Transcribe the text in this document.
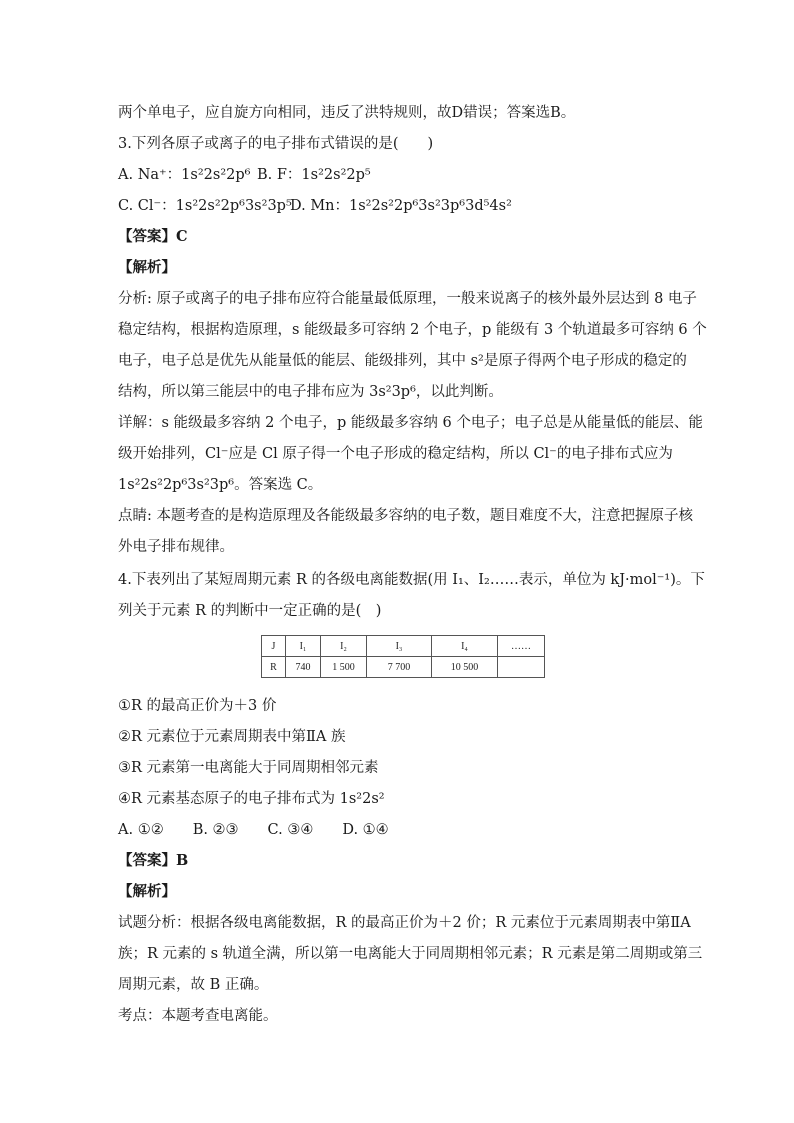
两个单电子，应自旋方向相同，违反了洪特规则，故D错误；答案选B。
3.下列各原子或离子的电子排布式错误的是(　　)
A. Na⁺：1s²2s²2p⁶ B. F：1s²2s²2p⁵
C. Cl⁻：1s²2s²2p⁶3s²3p⁵
D. Mn：1s²2s²2p⁶3s²3p⁶3d⁵4s²
【答案】C
【解析】
分析: 原子或离子的电子排布应符合能量最低原理，一般来说离子的核外最外层达到 8 电子
稳定结构，根据构造原理，s 能级最多可容纳 2 个电子，p 能级有 3 个轨道最多可容纳 6 个
电子，电子总是优先从能量低的能层、能级排列，其中 s²是原子得两个电子形成的稳定的
结构，所以第三能层中的电子排布应为 3s²3p⁶，以此判断。
详解：s 能级最多容纳 2 个电子，p 能级最多容纳 6 个电子；电子总是从能量低的能层、能
级开始排列，Cl⁻应是 Cl 原子得一个电子形成的稳定结构，所以 Cl⁻的电子排布式应为
1s²2s²2p⁶3s²3p⁶。答案选 C。
点睛: 本题考查的是构造原理及各能级最多容纳的电子数，题目难度不大，注意把握原子核
外电子排布规律。
4.下表列出了某短周期元素 R 的各级电离能数据(用 I₁、I₂……表示，单位为 kJ·mol⁻¹)。下
列关于元素 R 的判断中一定正确的是(　)
J	I₁	I₂	I₃	I₄	……
R	740	1 500	7 700	10 500	
①R 的最高正价为＋3 价
②R 元素位于元素周期表中第ⅡA 族
③R 元素第一电离能大于同周期相邻元素
④R 元素基态原子的电子排布式为 1s²2s²
A. ①②　　B. ②③　　C. ③④　　D. ①④
【答案】B
【解析】
试题分析：根据各级电离能数据，R 的最高正价为＋2 价；R 元素位于元素周期表中第ⅡA
族；R 元素的 s 轨道全满，所以第一电离能大于同周期相邻元素；R 元素是第二周期或第三
周期元素，故 B 正确。
考点：本题考查电离能。
